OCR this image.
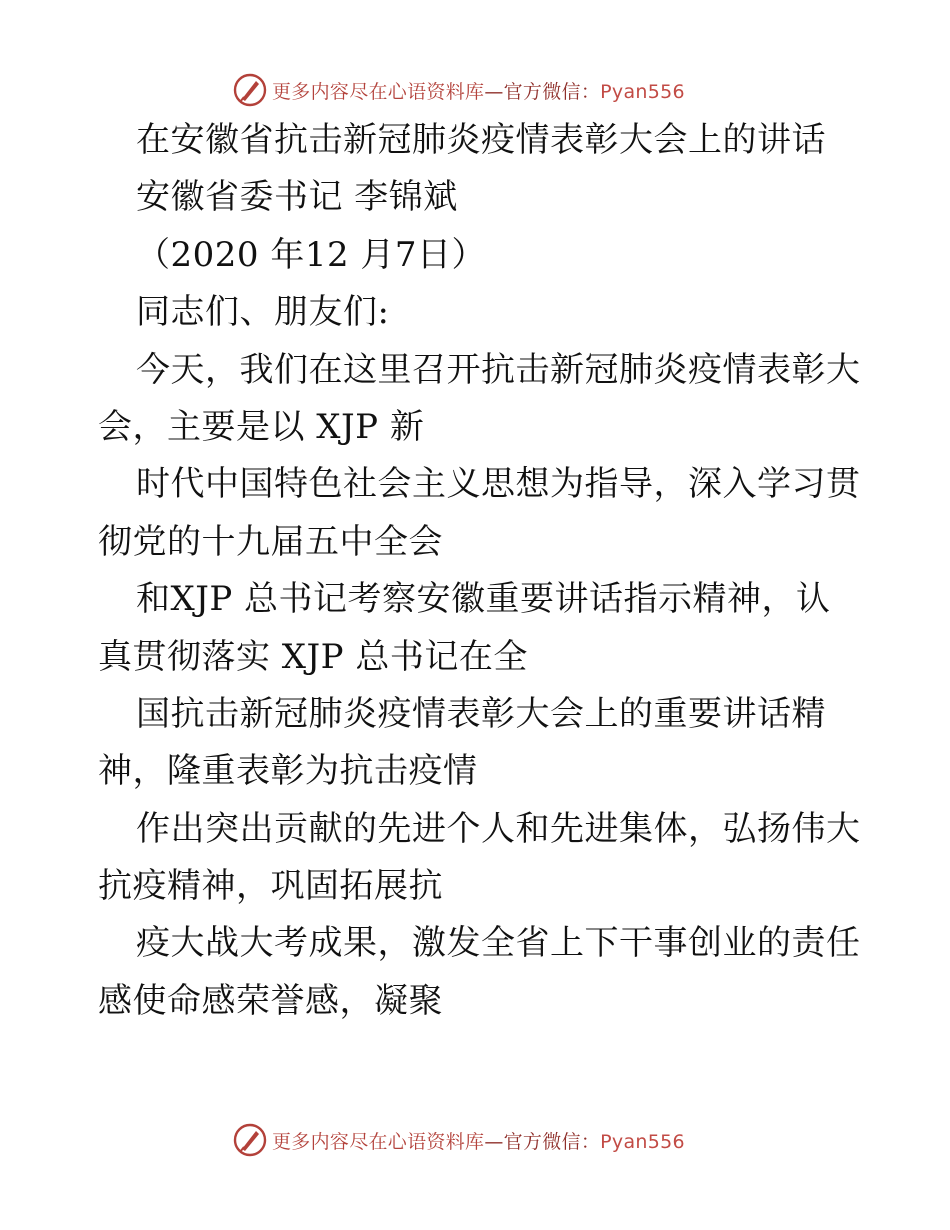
更多内容尽在心语资料库—官方微信：Pyan556
在安徽省抗击新冠肺炎疫情表彰大会上的讲话
安徽省委书记 李锦斌
（2020 年12 月7日）
同志们、朋友们:
今天，我们在这里召开抗击新冠肺炎疫情表彰大
会，主要是以 XJP 新
时代中国特色社会主义思想为指导，深入学习贯
彻党的十九届五中全会
和XJP 总书记考察安徽重要讲话指示精神，认
真贯彻落实 XJP 总书记在全
国抗击新冠肺炎疫情表彰大会上的重要讲话精
神，隆重表彰为抗击疫情
作出突出贡献的先进个人和先进集体，弘扬伟大
抗疫精神，巩固拓展抗
疫大战大考成果，激发全省上下干事创业的责任
感使命感荣誉感，凝聚
更多内容尽在心语资料库—官方微信：Pyan556
